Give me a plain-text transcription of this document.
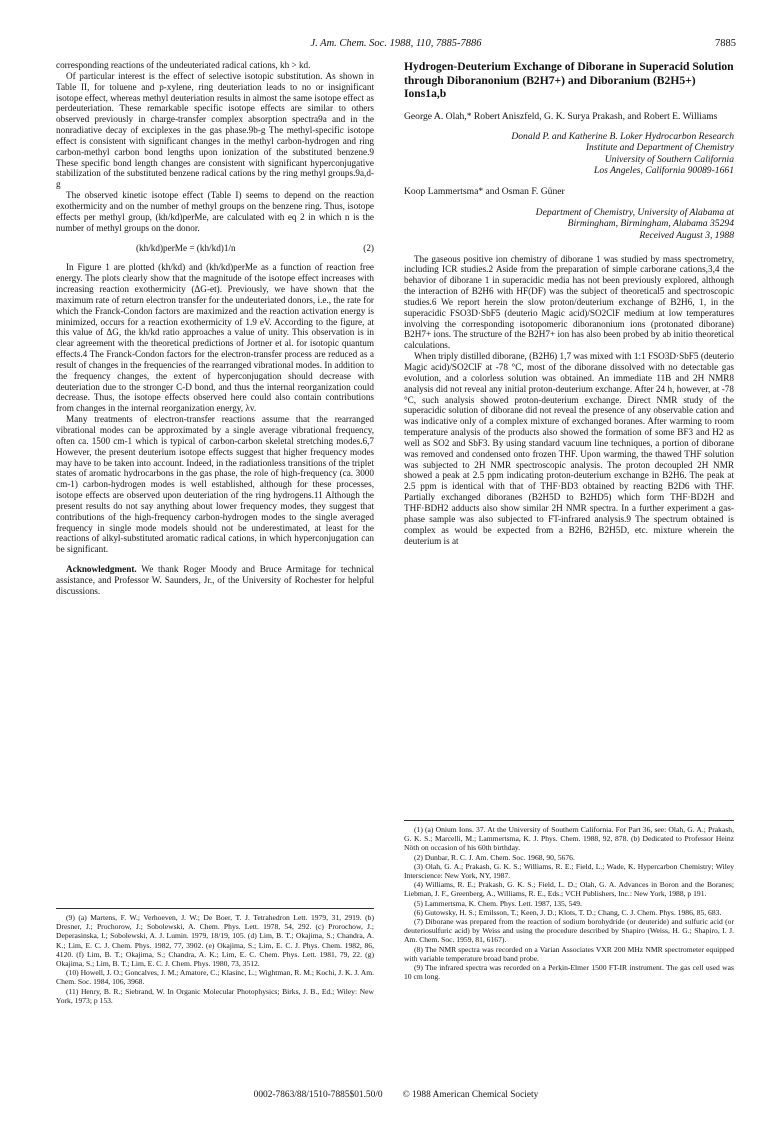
J. Am. Chem. Soc. 1988, 110, 7885-7886	7885

corresponding reactions of the undeuteriated radical cations, kh > kd.

Of particular interest is the effect of selective isotopic substitution. As shown in Table II, for toluene and p-xylene, ring deuteriation leads to no or insignificant isotope effect, whereas methyl deuteriation results in almost the same isotope effect as perdeuteriation. These remarkable specific isotope effects are similar to others observed previously in charge-transfer complex absorption spectra9a and in the nonradiative decay of exciplexes in the gas phase.9b-g The methyl-specific isotope effect is consistent with significant changes in the methyl carbon-hydrogen and ring carbon-methyl carbon bond lengths upon ionization of the substituted benzene.9 These specific bond length changes are consistent with significant hyperconjugative stabilization of the substituted benzene radical cations by the ring methyl groups.9a,d-g

The observed kinetic isotope effect (Table I) seems to depend on the reaction exothermicity and on the number of methyl groups on the benzene ring. Thus, isotope effects per methyl group, (kh/kd)perMe, are calculated with eq 2 in which n is the number of methyl groups on the donor.

(kh/kd)perMe = (kh/kd)1/n	(2)

In Figure 1 are plotted (kh/kd) and (kh/kd)perMe as a function of reaction free energy. The plots clearly show that the magnitude of the isotope effect increases with increasing reaction exothermicity (ΔG-et). Previously, we have shown that the maximum rate of return electron transfer for the undeuteriated donors, i.e., the rate for which the Franck-Condon factors are maximized and the reaction activation energy is minimized, occurs for a reaction exothermicity of 1.9 eV. According to the figure, at this value of ΔG, the kh/kd ratio approaches a value of unity. This observation is in clear agreement with the theoretical predictions of Jortner et al. for isotopic quantum effects.4 The Franck-Condon factors for the electron-transfer process are reduced as a result of changes in the frequencies of the rearranged vibrational modes. In addition to the frequency changes, the extent of hyperconjugation should decrease with deuteriation due to the stronger C-D bond, and thus the internal reorganization could decrease. Thus, the isotope effects observed here could also contain contributions from changes in the internal reorganization energy, λv.

Many treatments of electron-transfer reactions assume that the rearranged vibrational modes can be approximated by a single average vibrational frequency, often ca. 1500 cm-1 which is typical of carbon-carbon skeletal stretching modes.6,7 However, the present deuterium isotope effects suggest that higher frequency modes may have to be taken into account. Indeed, in the radiationless transitions of the triplet states of aromatic hydrocarbons in the gas phase, the role of high-frequency (ca. 3000 cm-1) carbon-hydrogen modes is well established, although for these processes, isotope effects are observed upon deuteriation of the ring hydrogens.11 Although the present results do not say anything about lower frequency modes, they suggest that contributions of the high-frequency carbon-hydrogen modes to the single averaged frequency in single mode models should not be underestimated, at least for the reactions of alkyl-substituted aromatic radical cations, in which hyperconjugation can be significant.

Acknowledgment. We thank Roger Moody and Bruce Armitage for technical assistance, and Professor W. Saunders, Jr., of the University of Rochester for helpful discussions.

(9) (a) Martens, F. W.; Verhoeven, J. W.; De Boer, T. J. Tetrahedron Lett. 1979, 31, 2919. (b) Dresner, J.; Prochorow, J.; Sobolewski, A. Chem. Phys. Lett. 1978, 54, 292. (c) Prorochow, J.; Deperasinska, I.; Sobolewski, A. J. Lumin. 1979, 18/19, 105. (d) Lim, B. T.; Okajima, S.; Chandra, A. K.; Lim, E. C. J. Chem. Phys. 1982, 77, 3902. (e) Okajima, S.; Lim, E. C. J. Phys. Chem. 1982, 86, 4120. (f) Lim, B. T.; Okajima, S.; Chandra, A. K.; Lim, E. C. Chem. Phys. Lett. 1981, 79, 22. (g) Okajima, S.; Lim, B. T.; Lim, E. C. J. Chem. Phys. 1980, 73, 3512.

(10) Howell, J. O.; Goncalves, J. M.; Amatore, C.; Klasinc, L.; Wightman, R. M.; Kochi, J. K. J. Am. Chem. Soc. 1984, 106, 3968.

(11) Henry, B. R.; Siebrand, W. In Organic Molecular Photophysics; Birks, J. B., Ed.; Wiley: New York, 1973; p 153.

Hydrogen-Deuterium Exchange of Diborane in Superacid Solution through Diboranonium (B2H7+) and Diboranium (B2H5+) Ions1a,b
George A. Olah,* Robert Aniszfeld, G. K. Surya Prakash, and Robert E. Williams
Donald P. and Katherine B. Loker Hydrocarbon Research
Institute and Department of Chemistry
University of Southern California
Los Angeles, California 90089-1661
Koop Lammertsma* and Osman F. Güner
Department of Chemistry, University of Alabama at
Birmingham, Birmingham, Alabama 35294
Received August 3, 1988

The gaseous positive ion chemistry of diborane 1 was studied by mass spectrometry, including ICR studies.2 Aside from the preparation of simple carborane cations,3,4 the behavior of diborane 1 in superacidic media has not been previously explored, although the interaction of B2H6 with HF(DF) was the subject of theoretical5 and spectroscopic studies.6 We report herein the slow proton/deuterium exchange of B2H6, 1, in the superacidic FSO3D·SbF5 (deuterio Magic acid)/SO2ClF medium at low temperatures involving the corresponding isotopomeric diboranonium ions (protonated diborane) B2H7+ ions. The structure of the B2H7+ ion has also been probed by ab initio theoretical calculations.

When triply distilled diborane, (B2H6) 1,7 was mixed with 1:1 FSO3D·SbF5 (deuterio Magic acid)/SO2ClF at -78 °C, most of the diborane dissolved with no detectable gas evolution, and a colorless solution was obtained. An immediate 11B and 2H NMR8 analysis did not reveal any initial proton-deuterium exchange. After 24 h, however, at -78 °C, such analysis showed proton-deuterium exchange. Direct NMR study of the superacidic solution of diborane did not reveal the presence of any observable cation and was indicative only of a complex mixture of exchanged boranes. After warming to room temperature analysis of the products also showed the formation of some BF3 and H2 as well as SO2 and SbF3. By using standard vacuum line techniques, a portion of diborane was removed and condensed onto frozen THF. Upon warming, the thawed THF solution was subjected to 2H NMR spectroscopic analysis. The proton decoupled 2H NMR showed a peak at 2.5 ppm indicating proton-deuterium exchange in B2H6. The peak at 2.5 ppm is identical with that of THF·BD3 obtained by reacting B2D6 with THF. Partially exchanged diboranes (B2H5D to B2HD5) which form THF·BD2H and THF·BDH2 adducts also show similar 2H NMR spectra. In a further experiment a gas-phase sample was also subjected to FT-infrared analysis.9 The spectrum obtained is complex as would be expected from a B2H6, B2H5D, etc. mixture wherein the deuterium is at

(1) (a) Onium Ions. 37. At the University of Southern California. For Part 36, see: Olah, G. A.; Prakash, G. K. S.; Marcelli, M.; Lammertsma, K. J. Phys. Chem. 1988, 92, 878. (b) Dedicated to Professor Heinz Nöth on occasion of his 60th birthday.

(2) Dunbar, R. C. J. Am. Chem. Soc. 1968, 90, 5676.

(3) Olah, G. A.; Prakash, G. K. S.; Williams, R. E.; Field, L.; Wade, K. Hypercarbon Chemistry; Wiley Interscience: New York, NY, 1987.

(4) Williams, R. E.; Prakash, G. K. S.; Field, L. D.; Olah, G. A. Advances in Boron and the Boranes; Liebman, J. F., Greenberg, A., Williams, R. E., Eds.; VCH Publishers, Inc.: New York, 1988, p 191.

(5) Lammertsma, K. Chem. Phys. Lett. 1987, 135, 549.

(6) Gutowsky, H. S.; Emilsson, T.; Keen, J. D.; Klots, T. D.; Chang, C. J. Chem. Phys. 1986, 85, 683.

(7) Diborane was prepared from the reaction of sodium borohydride (or deuteride) and sulfuric acid (or deuteriosulfuric acid) by Weiss and using the procedure described by Shapiro (Weiss, H. G.; Shapiro, I. J. Am. Chem. Soc. 1959, 81, 6167).

(8) The NMR spectra was recorded on a Varian Associates VXR 200 MHz NMR spectrometer equipped with variable temperature broad band probe.

(9) The infrared spectra was recorded on a Perkin-Elmer 1500 FT-IR instrument. The gas cell used was 10 cm long.

0002-7863/88/1510-7885$01.50/0 © 1988 American Chemical Society
